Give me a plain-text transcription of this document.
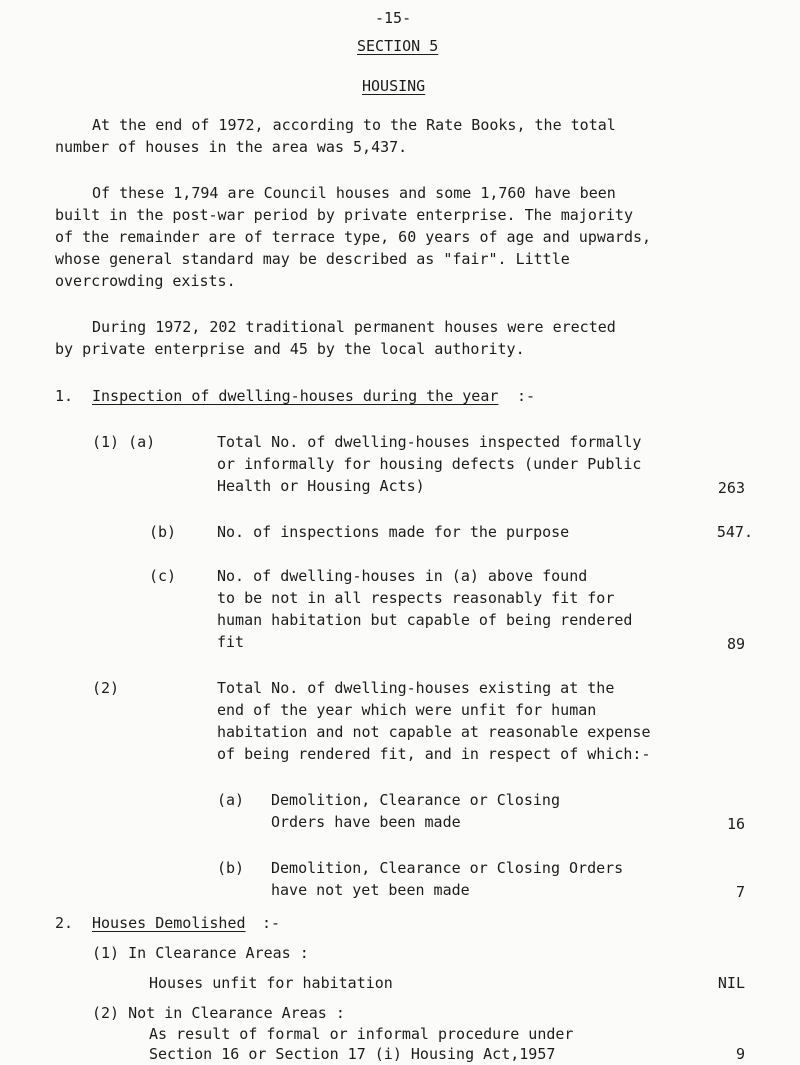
-15-
SECTION 5
HOUSING
At the end of 1972, according to the Rate Books, the total
number of houses in the area was 5,437.
Of these 1,794 are Council houses and some 1,760 have been
built in the post-war period by private enterprise. The majority
of the remainder are of terrace type, 60 years of age and upwards,
whose general standard may be described as "fair". Little
overcrowding exists.
During 1972, 202 traditional permanent houses were erected
by private enterprise and 45 by the local authority.
1. Inspection of dwelling-houses during the year :-
(1) (a)	Total No. of dwelling-houses inspected formally
or informally for housing defects (under Public
Health or Housing Acts)	263
(b)	No. of inspections made for the purpose	547.
(c)	No. of dwelling-houses in (a) above found
to be not in all respects reasonably fit for
human habitation but capable of being rendered
fit	89
(2)	Total No. of dwelling-houses existing at the
end of the year which were unfit for human
habitation and not capable at reasonable expense
of being rendered fit, and in respect of which:-
(a) Demolition, Clearance or Closing
Orders have been made	16
(b) Demolition, Clearance or Closing Orders
have not yet been made	7
2. Houses Demolished :-
(1) In Clearance Areas :
Houses unfit for habitation	NIL
(2) Not in Clearance Areas :
As result of formal or informal procedure under
Section 16 or Section 17 (i) Housing Act,1957	9
